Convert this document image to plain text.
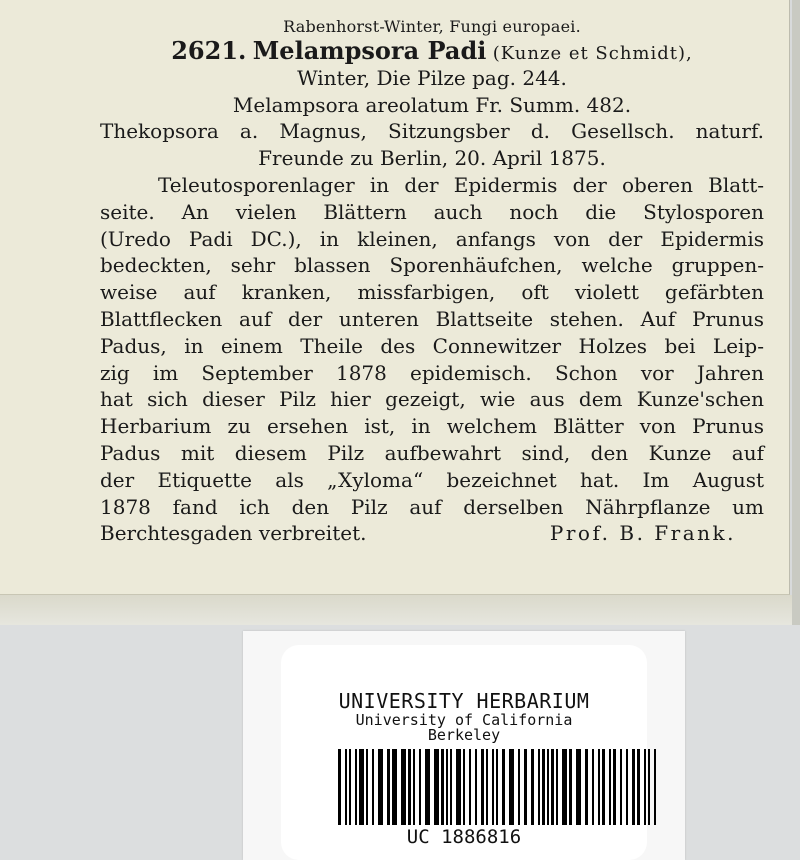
Rabenhorst-Winter, Fungi europaei.
2621. Melampsora Padi (Kunze et Schmidt),
Winter, Die Pilze pag. 244.
Melampsora areolatum Fr. Summ. 482.
Thekopsora a. Magnus, Sitzungsber d. Gesellsch. naturf.
Freunde zu Berlin, 20. April 1875.
Teleutosporenlager in der Epidermis der oberen Blatt-
seite. An vielen Blättern auch noch die Stylosporen
(Uredo Padi DC.), in kleinen, anfangs von der Epidermis
bedeckten, sehr blassen Sporenhäufchen, welche gruppen-
weise auf kranken, missfarbigen, oft violett gefärbten
Blattflecken auf der unteren Blattseite stehen. Auf Prunus
Padus, in einem Theile des Connewitzer Holzes bei Leip-
zig im September 1878 epidemisch. Schon vor Jahren
hat sich dieser Pilz hier gezeigt, wie aus dem Kunze'schen
Herbarium zu ersehen ist, in welchem Blätter von Prunus
Padus mit diesem Pilz aufbewahrt sind, den Kunze auf
der Etiquette als „Xyloma“ bezeichnet hat. Im August
1878 fand ich den Pilz auf derselben Nährpflanze um
Berchtesgaden verbreitet.	Prof. B. Frank.
UNIVERSITY HERBARIUM
University of California
Berkeley
UC 1886816
